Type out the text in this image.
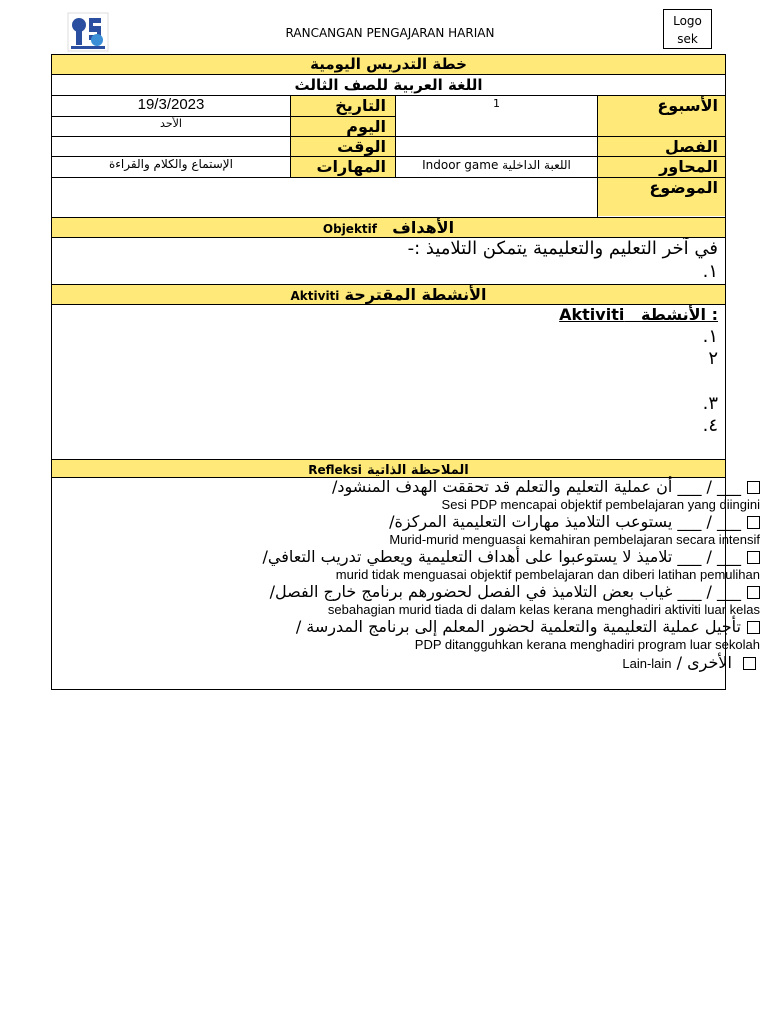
RANCANGAN PENGAJARAN HARIAN
Logo
sek
خطة التدريس اليومية
اللغة العربية للصف الثالث
الأسبوع
الفصل
المحاور
الموضوع
التاريخ
اليوم
الوقت
المهارات
1
19/3/2023
الأحد
اللعبة الداخلية Indoor game
الإستماع والكلام والقراءة
Objektif الأهداف
في آخر التعليم والتعليمية يتمكن التلاميذ :-
١.
Aktiviti الأنشطة المقترحة
Aktiviti الأنشطة :
١.
٢
٣.
٤.
Refleksi الملاحظة الذاتية
___ / ___ أن عملية التعليم والتعلم قد تحققت الهدف المنشود/
Sesi PDP mencapai objektif pembelajaran yang diingini
___ / ___ يستوعب التلاميذ مهارات التعليمية المركزة/
Murid-murid menguasai kemahiran pembelajaran secara intensif
___ / ___ تلاميذ لا يستوعبوا على أهداف التعليمية ويعطي تدريب التعافي/
murid tidak menguasai objektif pembelajaran dan diberi latihan pemulihan
___ / ___ غياب بعض التلاميذ في الفصل لحضورهم برنامج خارج الفصل/
sebahagian murid tiada di dalam kelas kerana menghadiri aktiviti luar kelas
تأجيل عملية التعليمية والتعلمية لحضور المعلم إلى برنامج المدرسة /
PDP ditangguhkan kerana menghadiri program luar sekolah
الأخرى / Lain-lain
